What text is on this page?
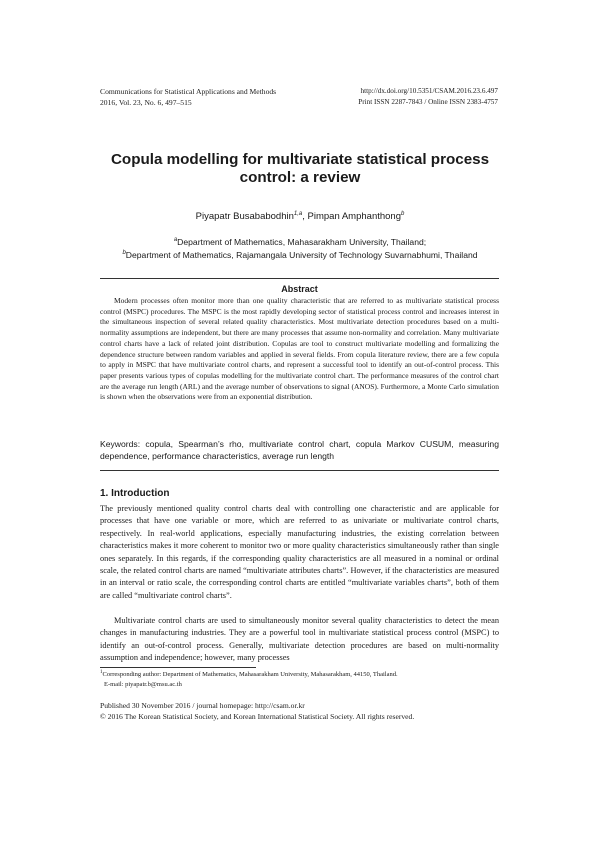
Communications for Statistical Applications and Methods
2016, Vol. 23, No. 6, 497–515
http://dx.doi.org/10.5351/CSAM.2016.23.6.497
Print ISSN 2287-7843 / Online ISSN 2383-4757
Copula modelling for multivariate statistical process control: a review
Piyapatr Busababodhin$^{1,a}$, Pimpan Amphanthong$^b$
$^a$Department of Mathematics, Mahasarakham University, Thailand;
$^b$Department of Mathematics, Rajamangala University of Technology Suvarnabhumi, Thailand
Abstract
Modern processes often monitor more than one quality characteristic that are referred to as multivariate statistical process control (MSPC) procedures. The MSPC is the most rapidly developing sector of statistical process control and increases interest in the simultaneous inspection of several related quality characteristics. Most multivariate detection procedures based on a multi-normality assumptions are independent, but there are many processes that assume non-normality and correlation. Many multivariate control charts have a lack of related joint distribution. Copulas are tool to construct multivariate modelling and formalizing the dependence structure between random variables and applied in several fields. From copula literature review, there are a few copula to apply in MSPC that have multivariate control charts, and represent a successful tool to identify an out-of-control process. This paper presents various types of copulas modelling for the multivariate control chart. The performance measures of the control chart are the average run length (ARL) and the average number of observations to signal (ANOS). Furthermore, a Monte Carlo simulation is shown when the observations were from an exponential distribution.
Keywords: copula, Spearman’s rho, multivariate control chart, copula Markov CUSUM, measuring dependence, performance characteristics, average run length
1. Introduction
The previously mentioned quality control charts deal with controlling one characteristic and are applicable for processes that have one variable or more, which are referred to as univariate or multivariate control charts, respectively. In real-world applications, especially manufacturing industries, the existing correlation between characteristics makes it more coherent to monitor two or more quality characteristics simultaneously rather than single ones separately. In this regards, if the corresponding quality characteristics are all measured in a nominal or ordinal scale, the related control charts are named “multivariate attributes charts”. However, if the characteristics are measured in an interval or ratio scale, the corresponding control charts are entitled “multivariate variables charts”, both of them are called “multivariate control charts”.
Multivariate control charts are used to simultaneously monitor several quality characteristics to detect the mean changes in manufacturing industries. They are a powerful tool in multivariate statistical process control (MSPC) to identify an out-of-control process. Generally, multivariate detection procedures are based on multi-normality assumption and independence; however, many processes
$^1$Corresponding author: Department of Mathematics, Mahasarakham University, Mahasarakham, 44150, Thailand.
E-mail: piyapatr.b@msu.ac.th
Published 30 November 2016 / journal homepage: http://csam.or.kr
© 2016 The Korean Statistical Society, and Korean International Statistical Society. All rights reserved.
